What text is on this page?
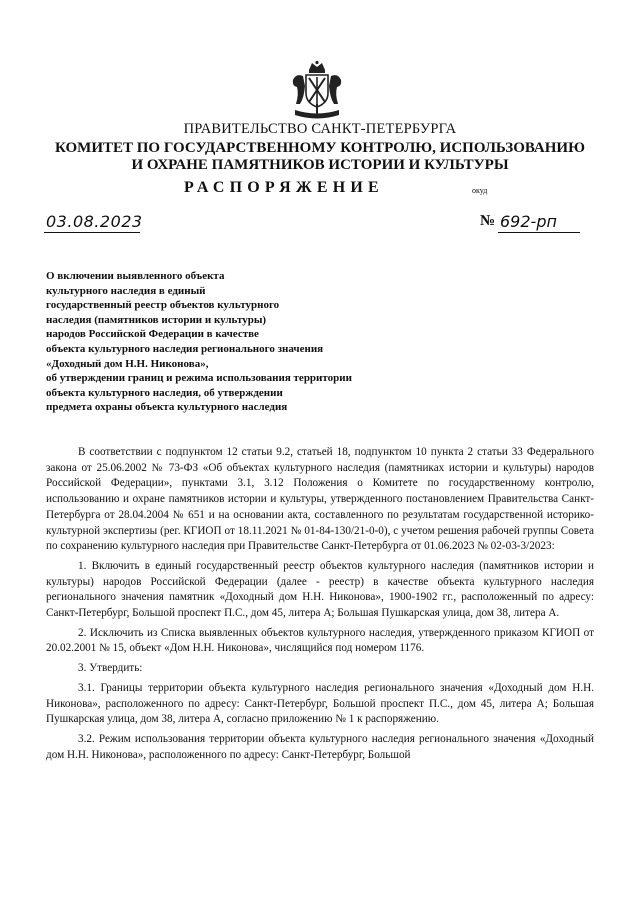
ПРАВИТЕЛЬСТВО САНКТ-ПЕТЕРБУРГА
КОМИТЕТ ПО ГОСУДАРСТВЕННОМУ КОНТРОЛЮ, ИСПОЛЬЗОВАНИЮ
И ОХРАНЕ ПАМЯТНИКОВ ИСТОРИИ И КУЛЬТУРЫ
РАСПОРЯЖЕНИЕ	окуд
03.08.2023	№ 692-рп
О включении выявленного объекта
культурного наследия в единый
государственный реестр объектов культурного
наследия (памятников истории и культуры)
народов Российской Федерации в качестве
объекта культурного наследия регионального значения
«Доходный дом Н.Н. Никонова»,
об утверждении границ и режима использования территории
объекта культурного наследия, об утверждении
предмета охраны объекта культурного наследия

В соответствии с подпунктом 12 статьи 9.2, статьей 18, подпунктом 10 пункта 2 статьи 33 Федерального закона от 25.06.2002 № 73-ФЗ «Об объектах культурного наследия (памятниках истории и культуры) народов Российской Федерации», пунктами 3.1, 3.12 Положения о Комитете по государственному контролю, использованию и охране памятников истории и культуры, утвержденного постановлением Правительства Санкт-Петербурга от 28.04.2004 № 651 и на основании акта, составленного по результатам государственной историко-культурной экспертизы (рег. КГИОП от 18.11.2021 № 01-84-130/21-0-0), с учетом решения рабочей группы Совета по сохранению культурного наследия при Правительстве Санкт-Петербурга от 01.06.2023 № 02-03-3/2023:

1. Включить в единый государственный реестр объектов культурного наследия (памятников истории и культуры) народов Российской Федерации (далее - реестр) в качестве объекта культурного наследия регионального значения памятник «Доходный дом Н.Н. Никонова», 1900-1902 гг., расположенный по адресу: Санкт-Петербург, Большой проспект П.С., дом 45, литера А; Большая Пушкарская улица, дом 38, литера А.

2. Исключить из Списка выявленных объектов культурного наследия, утвержденного приказом КГИОП от 20.02.2001 № 15, объект «Дом Н.Н. Никонова», числящийся под номером 1176.

3. Утвердить:

3.1. Границы территории объекта культурного наследия регионального значения «Доходный дом Н.Н. Никонова», расположенного по адресу: Санкт-Петербург, Большой проспект П.С., дом 45, литера А; Большая Пушкарская улица, дом 38, литера А, согласно приложению № 1 к распоряжению.

3.2. Режим использования территории объекта культурного наследия регионального значения «Доходный дом Н.Н. Никонова», расположенного по адресу: Санкт-Петербург, Большой
